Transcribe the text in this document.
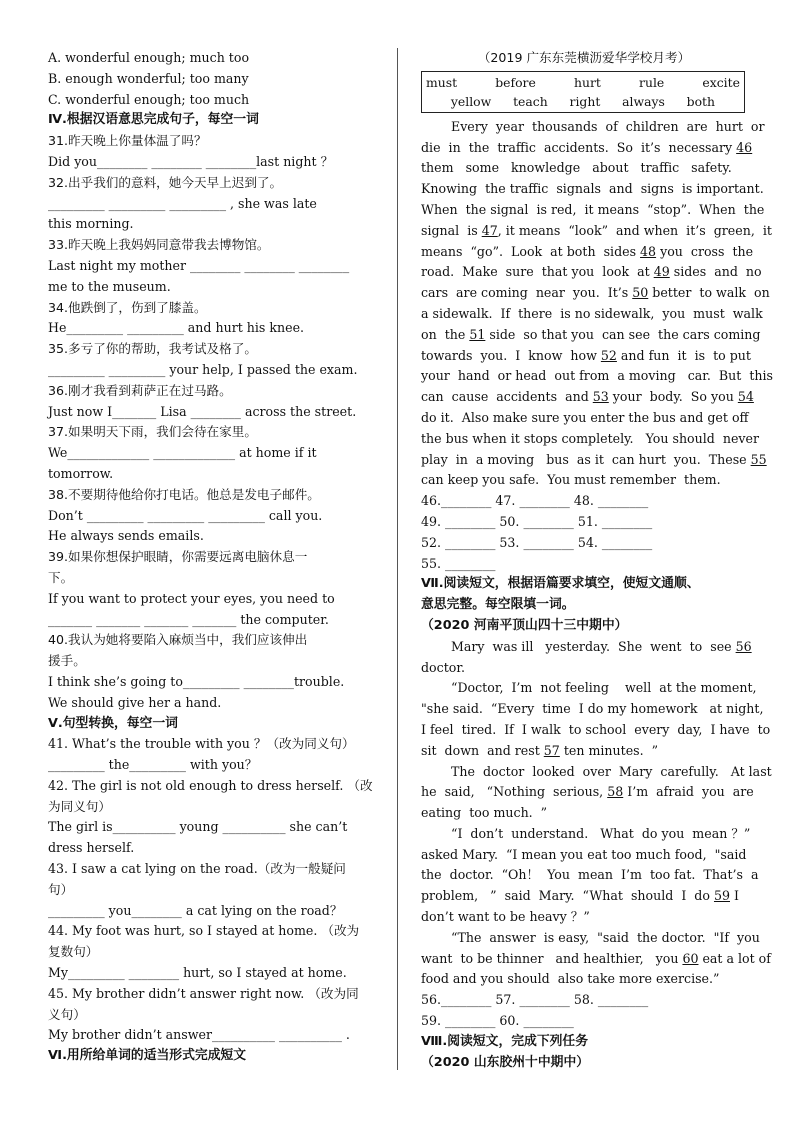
A. wonderful enough; much too
B. enough wonderful; too many
C. wonderful enough; too much
Ⅳ.根据汉语意思完成句子，每空一词
31.昨天晚上你量体温了吗？
Did you________ ________ ________last night ？
32.出乎我们的意料，她今天早上迟到了。
_________ _________ _________ , she was late
this morning.
33.昨天晚上我妈妈同意带我去博物馆。
Last night my mother ________ ________ ________
me to the museum.
34.他跌倒了，伤到了膝盖。
He_________ _________ and hurt his knee.
35.多亏了你的帮助，我考试及格了。
_________ _________ your help, I passed the exam.
36.刚才我看到莉萨正在过马路。
Just now I_______ Lisa ________ across the street.
37.如果明天下雨，我们会待在家里。
We_____________ _____________ at home if it
tomorrow.
38.不要期待他给你打电话。他总是发电子邮件。
Don’t _________ _________ _________ call you.
He always sends emails.
39.如果你想保护眼睛，你需要远离电脑休息一
下。
If you want to protect your eyes, you need to
_______ _______ _______ _______ the computer.
40.我认为她将要陷入麻烦当中，我们应该伸出
援手。
I think she’s going to_________ ________trouble.
We should give her a hand.
Ⅴ.句型转换，每空一词
41. What’s the trouble with you ？（改为同义句）
_________ the_________ with you？
42. The girl is not old enough to dress herself. （改
为同义句）
The girl is__________ young __________ she can’t
dress herself.
43. I saw a cat lying on the road.（改为一般疑问
句）
_________ you________ a cat lying on the road？
44. My foot was hurt, so I stayed at home. （改为
复数句）
My_________ ________ hurt, so I stayed at home.
45. My brother didn’t answer right now. （改为同
义句）
My brother didn’t answer__________ __________ .
Ⅵ.用所给单词的适当形式完成短文
（2019 广东东莞横沥爱华学校月考）
must	before	hurt	rule	excite
yellow teach right always both
Every  year  thousands  of  children  are  hurt  or
die  in  the  traffic  accidents.  So  it’s  necessary 46
them   some   knowledge   about   traffic   safety.
Knowing  the traffic  signals  and  signs  is important.
When  the signal  is red,  it means  “stop”.  When  the
signal  is 47, it means  “look”  and when  it’s  green,  it
means  “go”.  Look  at both  sides 48 you  cross  the
road.  Make  sure  that you  look  at 49 sides  and  no
cars  are coming  near  you.  It’s 50 better  to walk  on
a sidewalk.  If  there  is no sidewalk,  you  must  walk
on  the 51 side  so that you  can see  the cars coming
towards  you.  I  know  how 52 and fun  it  is  to put
your  hand  or head  out from  a moving   car.  But  this
can  cause  accidents  and 53 your  body.  So you 54
do it.  Also make sure you enter the bus and get off
the bus when it stops completely.   You should  never
play  in  a moving   bus  as it  can hurt  you.  These 55
can keep you safe.  You must remember  them.
46.________ 47. ________ 48. ________
49. ________ 50. ________ 51. ________
52. ________ 53. ________ 54. ________
55. ________
Ⅶ.阅读短文，根据语篇要求填空，使短文通顺、
意思完整。每空限填一词。
（2020 河南平顶山四十三中期中）
Mary  was ill   yesterday.  She  went  to  see 56
doctor.
“Doctor,  I’m  not feeling    well  at the moment,
"she said.  “Every  time  I do my homework   at night,
I feel  tired.  If  I walk  to school  every  day,  I have  to
sit  down  and rest 57 ten minutes.  ”
The  doctor  looked  over  Mary  carefully.   At last
he  said,   “Nothing  serious, 58 I’m  afraid  you  are
eating  too much.  ”
“I  don’t  understand.   What  do you  mean ？”
asked Mary.  “I mean you eat too much food,  "said
the  doctor.  “Oh！  You  mean  I’m  too fat.  That’s  a
problem,   ”  said  Mary.  “What  should  I  do 59 I
don’t want to be heavy ？”
“The  answer  is easy,  "said  the doctor.  "If  you
want  to be thinner   and healthier,   you 60 eat a lot of
food and you should  also take more exercise.”
56.________ 57. ________ 58. ________
59. ________ 60. ________
Ⅷ.阅读短文，完成下列任务
（2020 山东胶州十中期中）
